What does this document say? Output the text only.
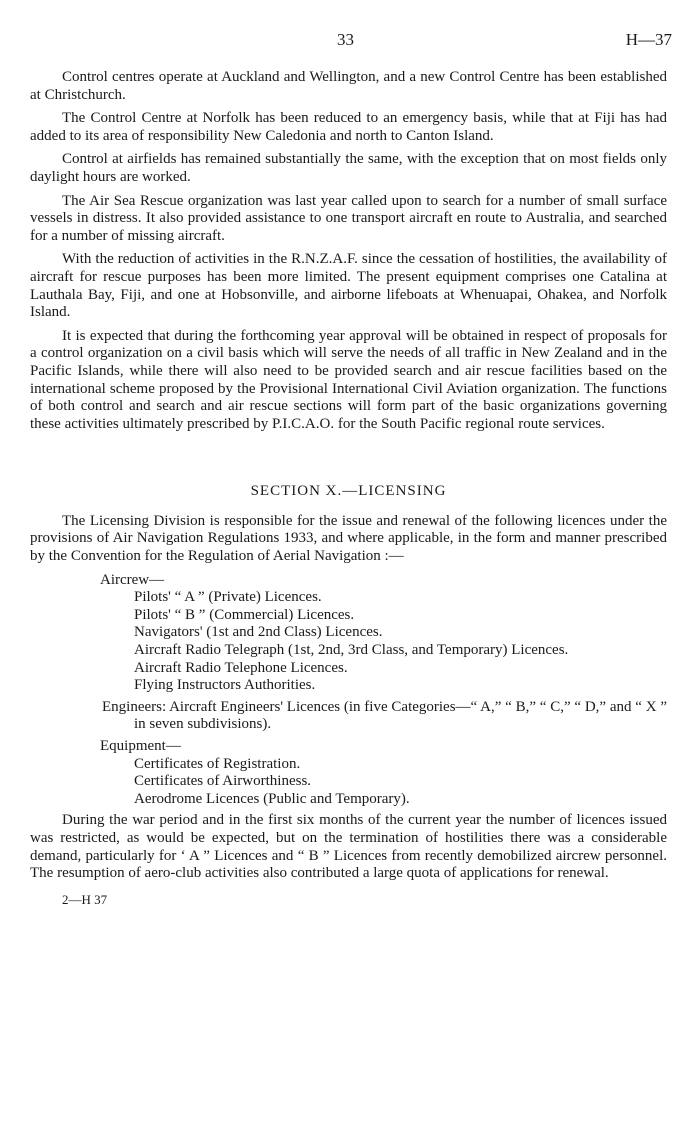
33	H—37

Control centres operate at Auckland and Wellington, and a new Control Centre has been established at Christchurch.

The Control Centre at Norfolk has been reduced to an emergency basis, while that at Fiji has had added to its area of responsibility New Caledonia and north to Canton Island.

Control at airfields has remained substantially the same, with the exception that on most fields only daylight hours are worked.

The Air Sea Rescue organization was last year called upon to search for a number of small surface vessels in distress. It also provided assistance to one transport aircraft en route to Australia, and searched for a number of missing aircraft.

With the reduction of activities in the R.N.Z.A.F. since the cessation of hostilities, the availability of aircraft for rescue purposes has been more limited. The present equipment comprises one Catalina at Lauthala Bay, Fiji, and one at Hobsonville, and airborne lifeboats at Whenuapai, Ohakea, and Norfolk Island.

It is expected that during the forthcoming year approval will be obtained in respect of proposals for a control organization on a civil basis which will serve the needs of all traffic in New Zealand and in the Pacific Islands, while there will also need to be provided search and air rescue facilities based on the international scheme proposed by the Provisional International Civil Aviation organization. The functions of both control and search and air rescue sections will form part of the basic organizations governing these activities ultimately prescribed by P.I.C.A.O. for the South Pacific regional route services.

SECTION X.—LICENSING

The Licensing Division is responsible for the issue and renewal of the following licences under the provisions of Air Navigation Regulations 1933, and where applicable, in the form and manner prescribed by the Convention for the Regulation of Aerial Navigation :—

Aircrew—
Pilots' “ A ” (Private) Licences.
Pilots' “ B ” (Commercial) Licences.
Navigators' (1st and 2nd Class) Licences.
Aircraft Radio Telegraph (1st, 2nd, 3rd Class, and Temporary) Licences.
Aircraft Radio Telephone Licences.
Flying Instructors Authorities.
Engineers: Aircraft Engineers' Licences (in five Categories—“ A,” “ B,” “ C,” “ D,” and “ X ” in seven subdivisions).
Equipment—
Certificates of Registration.
Certificates of Airworthiness.
Aerodrome Licences (Public and Temporary).

During the war period and in the first six months of the current year the number of licences issued was restricted, as would be expected, but on the termination of hostilities there was a considerable demand, particularly for ‘ A ” Licences and “ B ” Licences from recently demobilized aircrew personnel. The resumption of aero-club activities also contributed a large quota of applications for renewal.

2—H 37
